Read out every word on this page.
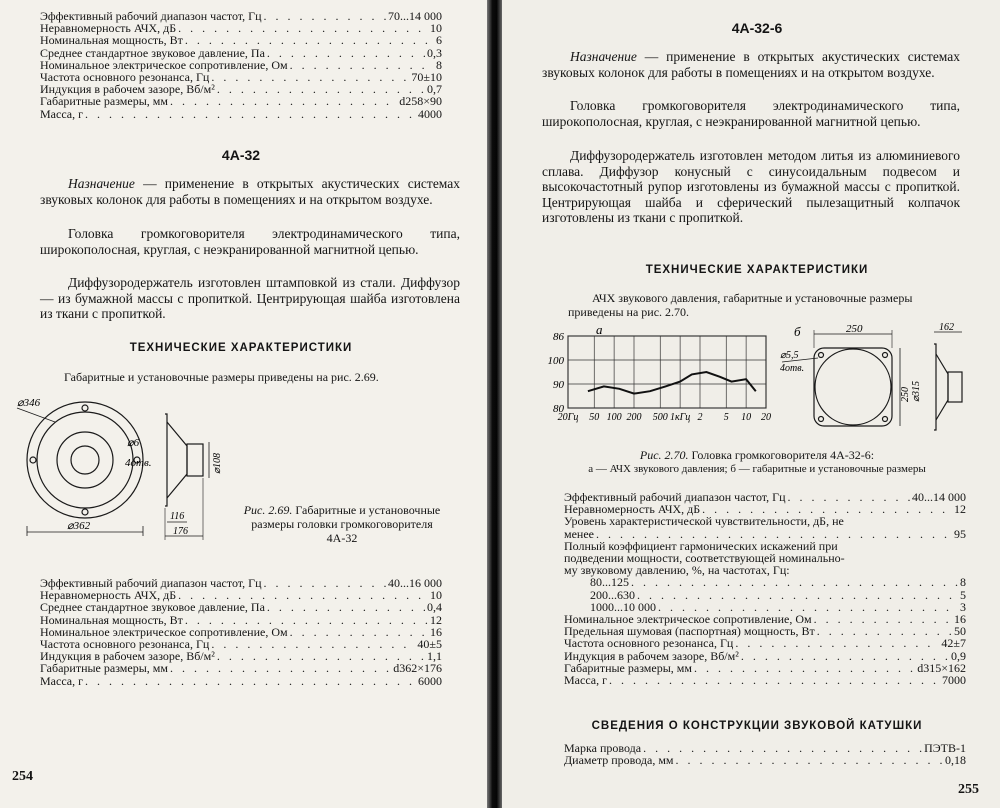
Эффективный рабочий диапазон частот, Гц . . .	70...14 000
Неравномерность АЧХ, дБ . . .	10
Номинальная мощность, Вт . . .	6
Среднее стандартное звуковое давление, Па . . .	0,3
Номинальное электрическое сопротивление, Ом . . .	8
Частота основного резонанса, Гц . . .	70±10
Индукция в рабочем зазоре, Вб/м² . . .	0,7
Габаритные размеры, мм . . .	d258×90
Масса, г . . .	4000
4А-32
Назначение — применение в открытых акустических системах звуковых колонок для работы в помещениях и на открытом воздухе.
Головка громкоговорителя электродинамического типа, широкополосная, круглая, с неэкранированной магнитной цепью.
Диффузородержатель изготовлен штамповкой из стали. Диффузор — из бумажной массы с пропиткой. Центрирующая шайба изготовлена из ткани с пропиткой.
ТЕХНИЧЕСКИЕ ХАРАКТЕРИСТИКИ
Габаритные и установочные размеры приведены на рис. 2.69.
⌀346
⌀6
4отв.
⌀362
⌀108
116
176
Рис. 2.69. Габаритные и установочные размеры головки громкоговорителя 4А-32
Эффективный рабочий диапазон частот, Гц . . .	40...16 000
Неравномерность АЧХ, дБ . . .	10
Среднее стандартное звуковое давление, Па . . .	0,4
Номинальная мощность, Вт . . .	12
Номинальное электрическое сопротивление, Ом . . .	16
Частота основного резонанса, Гц . . .	40±5
Индукция в рабочем зазоре, Вб/м² . . .	1,1
Габаритные размеры, мм . . .	d362×176
Масса, г . . .	6000
254
4А-32-6
Назначение — применение в открытых акустических системах звуковых колонок для работы в помещениях и на открытом воздухе.
Головка громкоговорителя электродинамического типа, широкополосная, круглая, с неэкранированной магнитной цепью.
Диффузородержатель изготовлен методом литья из алюминиевого сплава. Диффузор конусный с синусоидальным подвесом и высокочастотный рупор изготовлены из бумажной массы с пропиткой. Центрирующая шайба и сферический пылезащитный колпачок изготовлены из ткани с пропиткой.
ТЕХНИЧЕСКИЕ ХАРАКТЕРИСТИКИ
АЧХ звукового давления, габаритные и установочные размеры приведены на рис. 2.70.
86
100
90
80
20Гц 50 100 200 500 1кГц 2 5 10 20
а	б	250
⌀5,5
4отв.
250 ⌀315
162
Рис. 2.70. Головка громкоговорителя 4А-32-6:
а — АЧХ звукового давления; б — габаритные и установочные размеры
Эффективный рабочий диапазон частот, Гц . . .	40...14 000
Неравномерность АЧХ, дБ . . .	12
Уровень характеристической чувствительности, дБ, не
менее . . .	95
Полный коэффициент гармонических искажений при
подведении мощности, соответствующей номинально-
му звуковому давлению, %, на частотах, Гц:
80...125 . . .	8
200...630 . . .	5
1000...10 000 . . .	3
Номинальное электрическое сопротивление, Ом . . .	16
Предельная шумовая (паспортная) мощность, Вт . . .	50
Частота основного резонанса, Гц . . .	42±7
Индукция в рабочем зазоре, Вб/м² . . .	0,9
Габаритные размеры, мм . . .	d315×162
Масса, г . . .	7000
СВЕДЕНИЯ О КОНСТРУКЦИИ ЗВУКОВОЙ КАТУШКИ
Марка провода . . .	ПЭТВ-1
Диаметр провода, мм . . .	0,18
255
